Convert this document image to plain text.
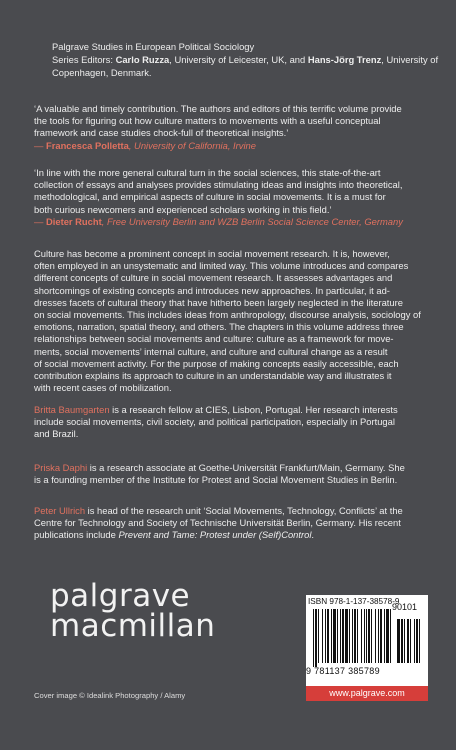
Palgrave Studies in European Political Sociology
Series Editors: Carlo Ruzza, University of Leicester, UK, and Hans-Jörg Trenz, University of Copenhagen, Denmark.
‘A valuable and timely contribution. The authors and editors of this terrific volume provide
the tools for figuring out how culture matters to movements with a useful conceptual
framework and case studies chock-full of theoretical insights.’
— Francesca Polletta, University of California, Irvine
‘In line with the more general cultural turn in the social sciences, this state-of-the-art
collection of essays and analyses provides stimulating ideas and insights into theoretical,
methodological, and empirical aspects of culture in social movements. It is a must for
both curious newcomers and experienced scholars working in this field.’
— Dieter Rucht, Free University Berlin and WZB Berlin Social Science Center, Germany
Culture has become a prominent concept in social movement research. It is, however,
often employed in an unsystematic and limited way. This volume introduces and compares
different concepts of culture in social movement research. It assesses advantages and
shortcomings of existing concepts and introduces new approaches. In particular, it ad-
dresses facets of cultural theory that have hitherto been largely neglected in the literature
on social movements. This includes ideas from anthropology, discourse analysis, sociology of
emotions, narration, spatial theory, and others. The chapters in this volume address three
relationships between social movements and culture: culture as a framework for move-
ments, social movements’ internal culture, and culture and cultural change as a result
of social movement activity. For the purpose of making concepts easily accessible, each
contribution explains its approach to culture in an understandable way and illustrates it
with recent cases of mobilization.
Britta Baumgarten is a research fellow at CIES, Lisbon, Portugal. Her research interests
include social movements, civil society, and political participation, especially in Portugal
and Brazil.
Priska Daphi is a research associate at Goethe-Universität Frankfurt/Main, Germany. She
is a founding member of the Institute for Protest and Social Movement Studies in Berlin.
Peter Ullrich is head of the research unit ‘Social Movements, Technology, Conflicts’ at the
Centre for Technology and Society of Technische Universität Berlin, Germany. His recent
publications include Prevent and Tame: Protest under (Self)Control.
palgrave
macmillan
ISBN 978-1-137-38578-9
9 781137 385789
90101
www.palgrave.com
Cover image © Idealink Photography / Alamy
